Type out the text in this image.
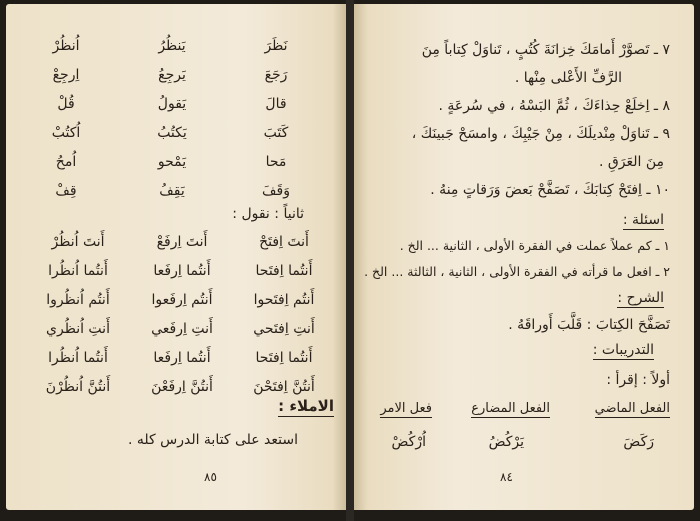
نَظَرَ
رَجَعَ
قالَ
كَتَبَ
مَحا
وَقَفَ
يَنظُرُ
يَرجِعُ
يَقولُ
يَكتُبُ
يَمْحو
يَقِفُ
اُنظُرْ
اِرجِعْ
قُلْ
اُكتُبْ
اُمحُ
قِفْ
ثانياً : نقول :
أَنتَ اِفتَحْ
أَنتُما اِفتَحا
أَنتُم اِفتَحوا
أَنتِ اِفتَحي
أَنتُما اِفتَحا
أَنتُنَّ اِفتَحْنَ
أَنتَ اِرفَعْ
أَنتُما اِرفَعا
أَنتُم اِرفَعوا
أَنتِ اِرفَعي
أَنتُما اِرفَعا
أَنتُنَّ اِرفَعْنَ
أَنتَ اُنظُرْ
أَنتُما اُنظُرا
أَنتُم اُنظُروا
أَنتِ اُنظُري
أَنتُما اُنظُرا
أَنتُنَّ اُنظُرْنَ
الاملاء :
استعد على كتابة الدرس كله .
٨٥
٧ ـ تَصوَّرْ أَمامَكَ خِزانَةَ كُتُبٍ ، تَناوَلْ كِتاباً مِنَ
الرَّفِّ الأَعْلى مِنْها .
٨ ـ اِخلَعْ حِذاءَكَ ، ثُمَّ البَسْهُ ، في سُرعَةٍ .
٩ ـ تَناوَلْ مِنْديلَكَ ، مِنْ جَيْبِكَ ، وامسَحْ جَبينَكَ ،
مِنَ العَرَقِ .
١٠ ـ اِفتَحْ كِتابَكَ ، تَصَفَّحْ بَعضَ وَرَقاتٍ مِنهُ .
اسئلة :
١ ـ كم عملاً عملت في الفقرة الأولى ، الثانية ... الخ .
٢ ـ افعل ما قرأته في الفقرة الأولى ، الثانية ، الثالثة ... الخ .
الشرح :
تَصَفَّحَ الكِتابَ : قَلَّبَ أَوراقَهُ .
التدريبات :
أولاً : إقرأ :
الفعل الماضي
الفعل المضارع
فعل الامر
رَكَضَ
يَرْكُضُ
اُرْكُضْ
٨٤
